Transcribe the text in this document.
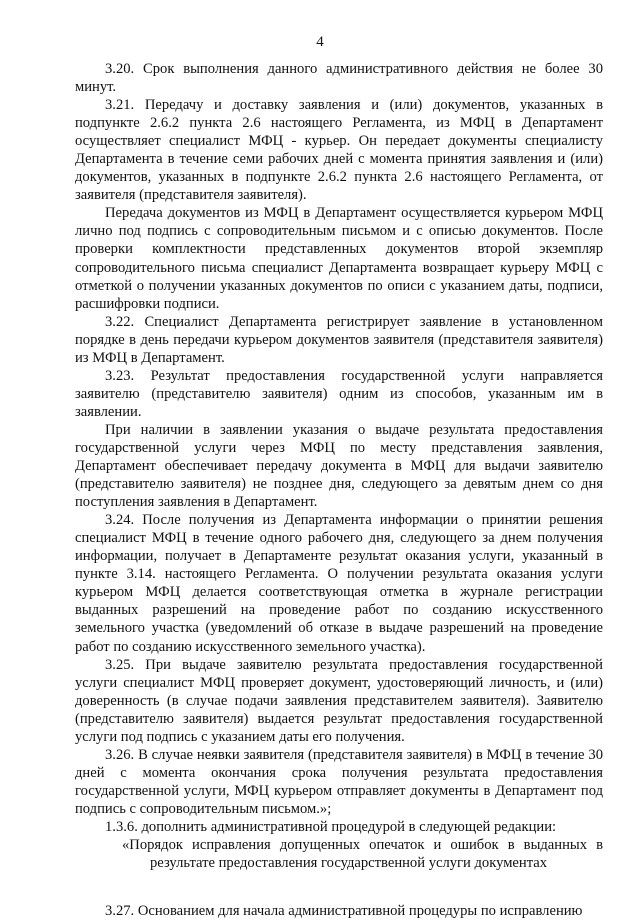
4

3.20. Срок выполнения данного административного действия не более 30 минут.

3.21. Передачу и доставку заявления и (или) документов, указанных в подпункте 2.6.2 пункта 2.6 настоящего Регламента, из МФЦ в Департамент осуществляет специалист МФЦ - курьер. Он передает документы специалисту Департамента в течение семи рабочих дней с момента принятия заявления и (или) документов, указанных в подпункте 2.6.2 пункта 2.6 настоящего Регламента, от заявителя (представителя заявителя).

Передача документов из МФЦ в Департамент осуществляется курьером МФЦ лично под подпись с сопроводительным письмом и с описью документов. После проверки комплектности представленных документов второй экземпляр сопроводительного письма специалист Департамента возвращает курьеру МФЦ с отметкой о получении указанных документов по описи с указанием даты, подписи, расшифровки подписи.

3.22. Специалист Департамента регистрирует заявление в установленном порядке в день передачи курьером документов заявителя (представителя заявителя) из МФЦ в Департамент.

3.23. Результат предоставления государственной услуги направляется заявителю (представителю заявителя) одним из способов, указанным им в заявлении.

При наличии в заявлении указания о выдаче результата предоставления государственной услуги через МФЦ по месту представления заявления, Департамент обеспечивает передачу документа в МФЦ для выдачи заявителю (представителю заявителя) не позднее дня, следующего за девятым днем со дня поступления заявления в Департамент.

3.24. После получения из Департамента информации о принятии решения специалист МФЦ в течение одного рабочего дня, следующего за днем получения информации, получает в Департаменте результат оказания услуги, указанный в пункте 3.14. настоящего Регламента. О получении результата оказания услуги курьером МФЦ делается соответствующая отметка в журнале регистрации выданных разрешений на проведение работ по созданию искусственного земельного участка (уведомлений об отказе в выдаче разрешений на проведение работ по созданию искусственного земельного участка).

3.25. При выдаче заявителю результата предоставления государственной услуги специалист МФЦ проверяет документ, удостоверяющий личность, и (или) доверенность (в случае подачи заявления представителем заявителя). Заявителю (представителю заявителя) выдается результат предоставления государственной услуги под подпись с указанием даты его получения.

3.26. В случае неявки заявителя (представителя заявителя) в МФЦ в течение 30 дней с момента окончания срока получения результата предоставления государственной услуги, МФЦ курьером отправляет документы в Департамент под подпись с сопроводительным письмом.»;

1.3.6. дополнить административной процедурой в следующей редакции:

«Порядок исправления допущенных опечаток и ошибок в выданных в результате предоставления государственной услуги документах

3.27. Основанием для начала административной процедуры по исправлению
